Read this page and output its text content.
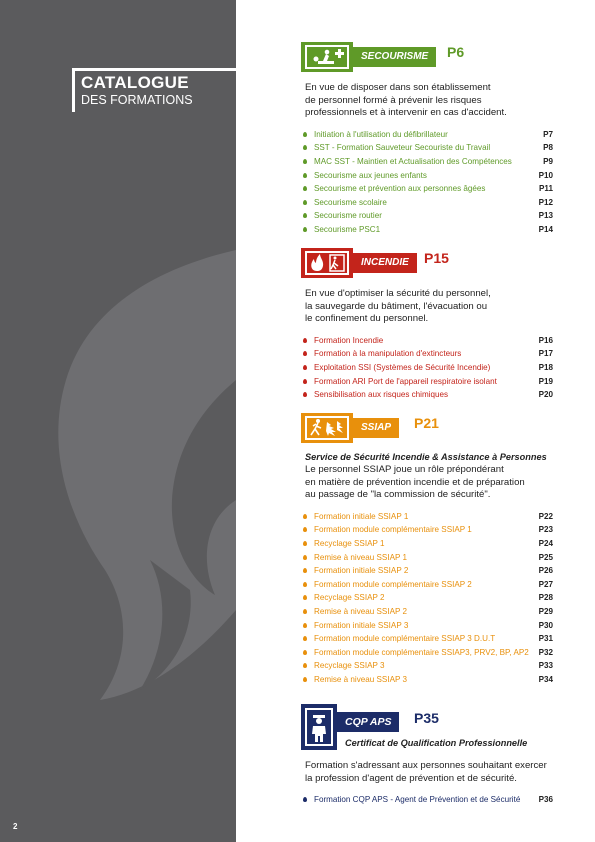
CATALOGUE
DES FORMATIONS
2
SECOURISME	P6
En vue de disposer dans son établissement
de personnel formé à prévenir les risques
professionnels et à intervenir en cas d'accident.
Initiation à l'utilisation du défibrillateur	P7
SST - Formation Sauveteur Secouriste du Travail	P8
MAC SST - Maintien et Actualisation des Compétences	P9
Secourisme aux jeunes enfants	P10
Secourisme et prévention aux personnes âgées	P11
Secourisme scolaire	P12
Secourisme routier	P13
Secourisme PSC1	P14
INCENDIE	P15
En vue d'optimiser la sécurité du personnel,
la sauvegarde du bâtiment, l'évacuation ou
le confinement du personnel.
Formation Incendie	P16
Formation à la manipulation d'extincteurs	P17
Exploitation SSI (Systèmes de Sécurité Incendie)	P18
Formation ARI Port de l'appareil respiratoire isolant	P19
Sensibilisation aux risques chimiques	P20
SSIAP	P21
Service de Sécurité Incendie & Assistance à Personnes
Le personnel SSIAP joue un rôle prépondérant
en matière de prévention incendie et de préparation
au passage de "la commission de sécurité".
Formation initiale SSIAP 1	P22
Formation module complémentaire SSIAP 1	P23
Recyclage SSIAP 1	P24
Remise à niveau SSIAP 1	P25
Formation initiale SSIAP 2	P26
Formation module complémentaire SSIAP 2	P27
Recyclage SSIAP 2	P28
Remise à niveau SSIAP 2	P29
Formation initiale SSIAP 3	P30
Formation module complémentaire SSIAP 3 D.U.T	P31
Formation module complémentaire SSIAP3, PRV2, BP, AP2 P32
Recyclage SSIAP 3	P33
Remise à niveau SSIAP 3	P34
CQP APS	P35
Certificat de Qualification Professionnelle
Formation s'adressant aux personnes souhaitant exercer
la profession d'agent de prévention et de sécurité.
Formation CQP APS - Agent de Prévention et de Sécurité P36
